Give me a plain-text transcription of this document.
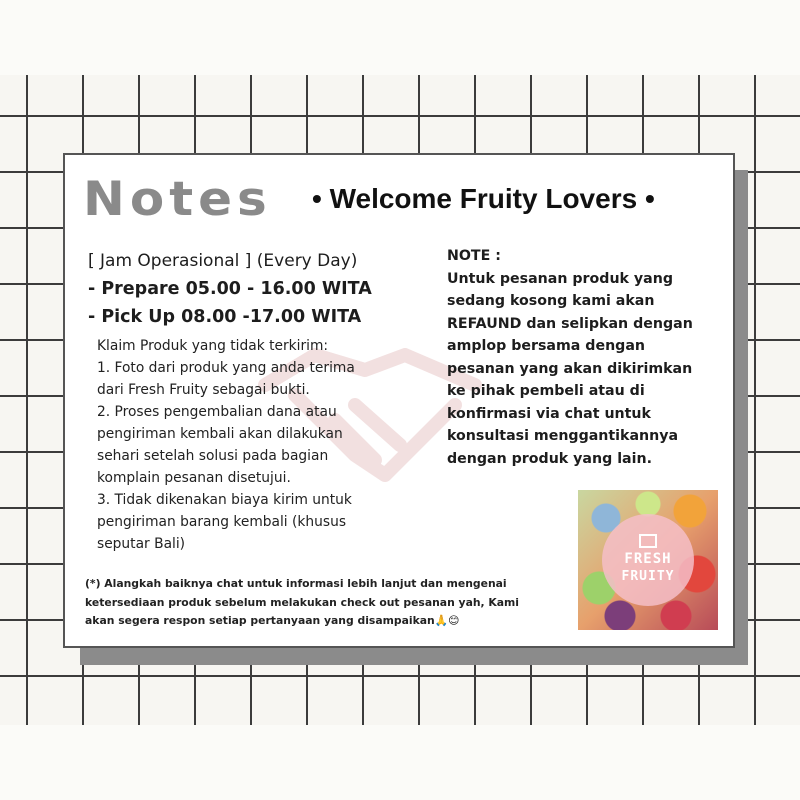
Notes • Welcome Fruity Lovers •
[ Jam Operasional ] (Every Day)
- Prepare 05.00 - 16.00 WITA
- Pick Up 08.00 -17.00 WITA
Klaim Produk yang tidak terkirim:
1. Foto dari produk yang anda terima
dari Fresh Fruity sebagai bukti.
2. Proses pengembalian dana atau
pengiriman kembali akan dilakukan
sehari setelah solusi pada bagian
komplain pesanan disetujui.
3. Tidak dikenakan biaya kirim untuk
pengiriman barang kembali (khusus
seputar Bali)
NOTE :
Untuk pesanan produk yang
sedang kosong kami akan
REFAUND dan selipkan dengan
amplop bersama dengan
pesanan yang akan dikirimkan
ke pihak pembeli atau di
konfirmasi via chat untuk
konsultasi menggantikannya
dengan produk yang lain.
(*) Alangkah baiknya chat untuk informasi lebih lanjut dan mengenai
ketersediaan produk sebelum melakukan check out pesanan yah, Kami
akan segera respon setiap pertanyaan yang disampaikan🙏😊
FRESH
FRUITY
